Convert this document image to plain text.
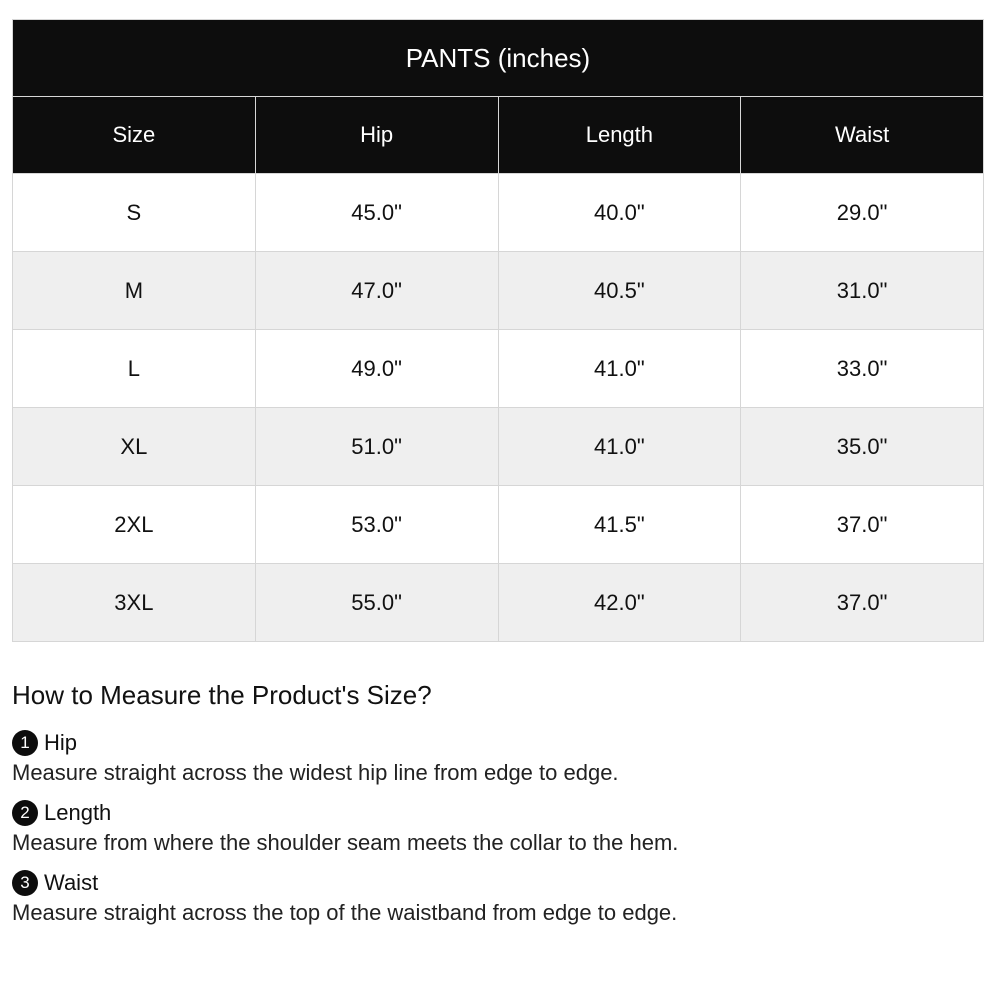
PANTS (inches)			
Size	Hip	Length	Waist
S	45.0"	40.0"	29.0"
M	47.0"	40.5"	31.0"
L	49.0"	41.0"	33.0"
XL	51.0"	41.0"	35.0"
2XL	53.0"	41.5"	37.0"
3XL	55.0"	42.0"	37.0"
How to Measure the Product's Size?
1 Hip
Measure straight across the widest hip line from edge to edge.
2 Length
Measure from where the shoulder seam meets the collar to the hem.
3 Waist
Measure straight across the top of the waistband from edge to edge.
